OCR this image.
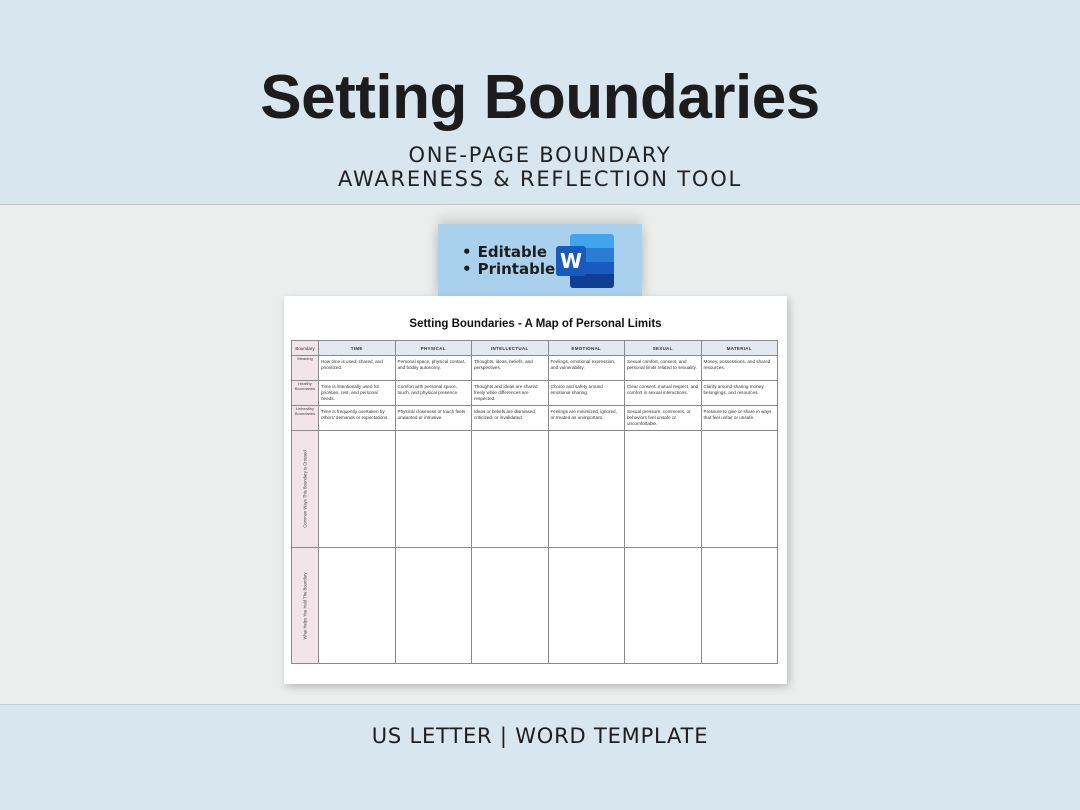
Setting Boundaries
ONE-PAGE BOUNDARY
AWARENESS & REFLECTION TOOL
• Editable
• Printable W
Setting Boundaries - A Map of Personal Limits
Boundary	TIME	PHYSICAL	INTELLECTUAL	EMOTIONAL	SEXUAL	MATERIAL
Meaning	How time is used, shared, and prioritized.	Personal space, physical contact, and bodily autonomy.	Thoughts, ideas, beliefs, and perspectives.	Feelings, emotional expression, and vulnerability.	Sexual comfort, consent, and personal limits related to sexuality.	Money, possessions, and shared resources.
Healthy Boundaries	Time is intentionally used for priorities, rest, and personal needs.	Comfort with personal space, touch, and physical presence.	Thoughts and ideas are shared freely while differences are respected.	Choice and safety around emotional sharing.	Clear consent, mutual respect, and comfort in sexual interactions.	Clarity around sharing money, belongings, and resources.
Unhealthy Boundaries	Time is frequently overtaken by others' demands or expectations.	Physical closeness or touch feels unwanted or intrusive.	Ideas or beliefs are dismissed, criticized, or invalidated.	Feelings are minimized, ignored, or treated as unimportant.	Sexual pressure, comments, or behaviors feel unsafe or uncomfortable.	Pressure to give or share in ways that feel unfair or unsafe.

Common Ways This Boundary is Crossed						

What Helps You Hold The Boundary						

US LETTER | WORD TEMPLATE
